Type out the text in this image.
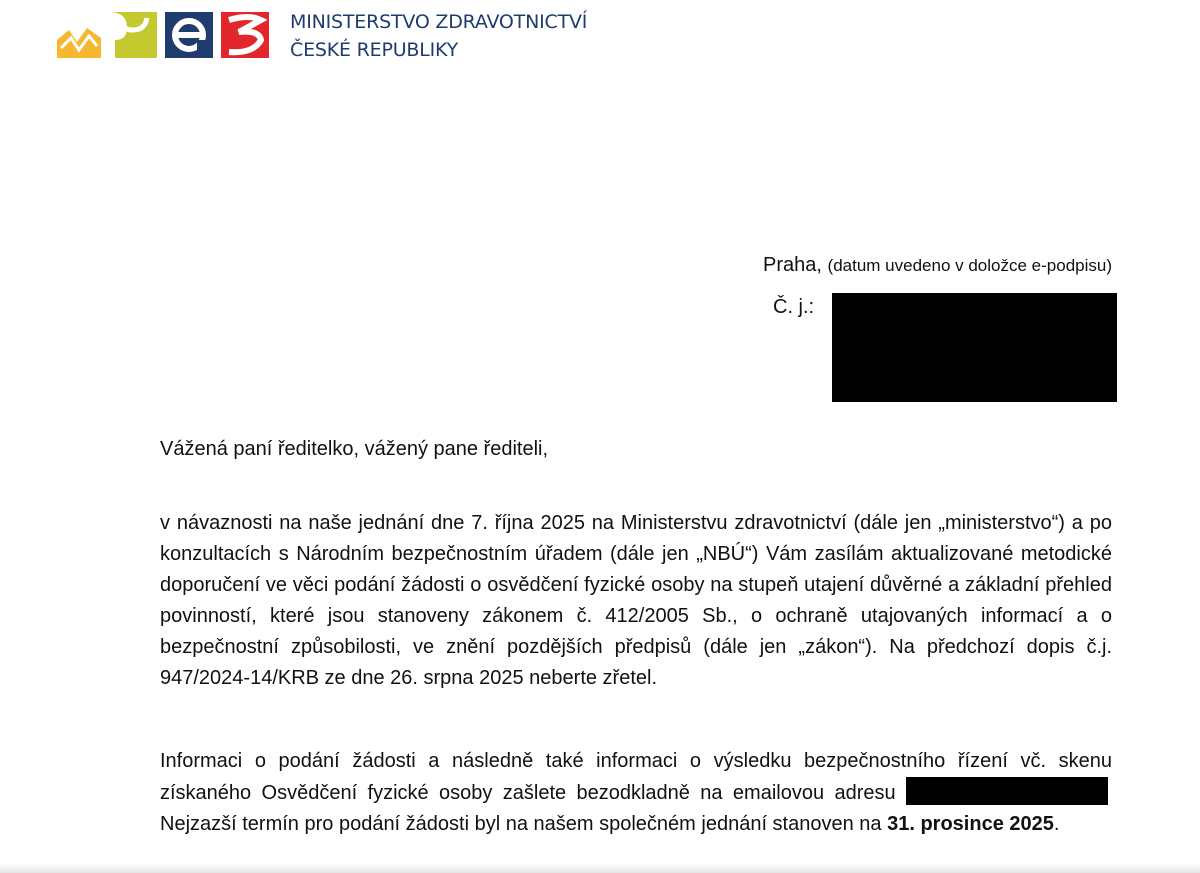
MINISTERSTVO ZDRAVOTNICTVÍ
ČESKÉ REPUBLIKY
Praha, (datum uvedeno v doložce e-podpisu)
Č. j.:
Vážená paní ředitelko, vážený pane řediteli,

v návaznosti na naše jednání dne 7. října 2025 na Ministerstvu zdravotnictví (dále jen „ministerstvo“) a po konzultacích s Národním bezpečnostním úřadem (dále jen „NBÚ“) Vám zasílám aktualizované metodické doporučení ve věci podání žádosti o osvědčení fyzické osoby na stupeň utajení důvěrné a základní přehled povinností, které jsou stanoveny zákonem č. 412/2005 Sb., o ochraně utajovaných informací a o bezpečnostní způsobilosti, ve znění pozdějších předpisů (dále jen „zákon“). Na předchozí dopis č.j. 947/2024-14/KRB ze dne 26. srpna 2025 neberte zřetel.

Informaci o podání žádosti a následně také informaci o výsledku bezpečnostního řízení vč. skenu získaného Osvědčení fyzické osoby zašlete bezodkladně na emailovou adresu Nejzazší termín pro podání žádosti byl na našem společném jednání stanoven na 31. prosince 2025.
